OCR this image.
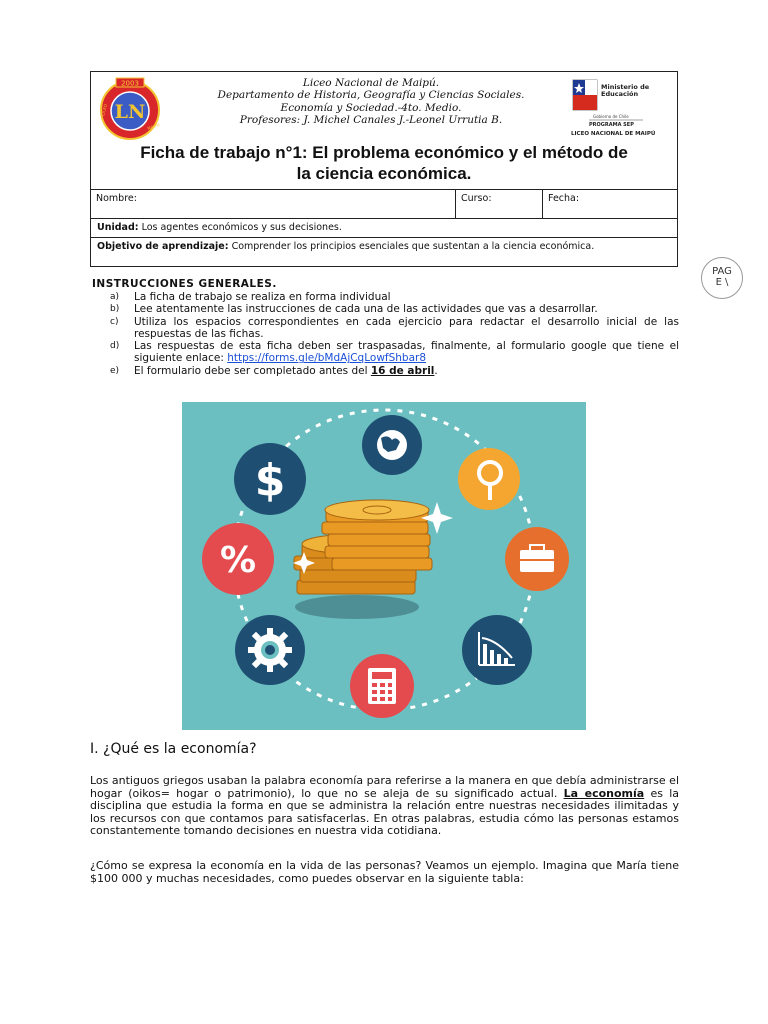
2003
LN
LICEO
MAIPU
Liceo Nacional de Maipú.
Departamento de Historia, Geografía y Ciencias Sociales.
Economía y Sociedad.-4to. Medio.
Profesores: J. Michel Canales J.-Leonel Urrutia B.
Ministerio de
Educación
Gobierno de Chile
PROGRAMA SEP
LICEO NACIONAL DE MAIPÚ
Ficha de trabajo n°1: El problema económico y el método de
la ciencia económica.
Nombre:	Curso:	Fecha:
Unidad: Los agentes económicos y sus decisiones.
Objetivo de aprendizaje: Comprender los principios esenciales que sustentan a la ciencia económica.
PAG
E \
INSTRUCCIONES GENERALES.
a) La ficha de trabajo se realiza en forma individual
b) Lee atentamente las instrucciones de cada una de las actividades que vas a desarrollar.
c) Utiliza los espacios correspondientes en cada ejercicio para redactar el desarrollo inicial de las respuestas de las fichas.
d) Las respuestas de esta ficha deben ser traspasadas, finalmente, al formulario google que tiene el siguiente enlace: https://forms.gle/bMdAjCqLowfShbar8
e) El formulario debe ser completado antes del 16 de abril.
%
$
I. ¿Qué es la economía?
Los antiguos griegos usaban la palabra economía para referirse a la manera en que debía administrarse el hogar (oikos= hogar o patrimonio), lo que no se aleja de su significado actual. La economía es la disciplina que estudia la forma en que se administra la relación entre nuestras necesidades ilimitadas y los recursos con que contamos para satisfacerlas. En otras palabras, estudia cómo las personas estamos constantemente tomando decisiones en nuestra vida cotidiana.
¿Cómo se expresa la economía en la vida de las personas? Veamos un ejemplo. Imagina que María tiene $100 000 y muchas necesidades, como puedes observar en la siguiente tabla:
